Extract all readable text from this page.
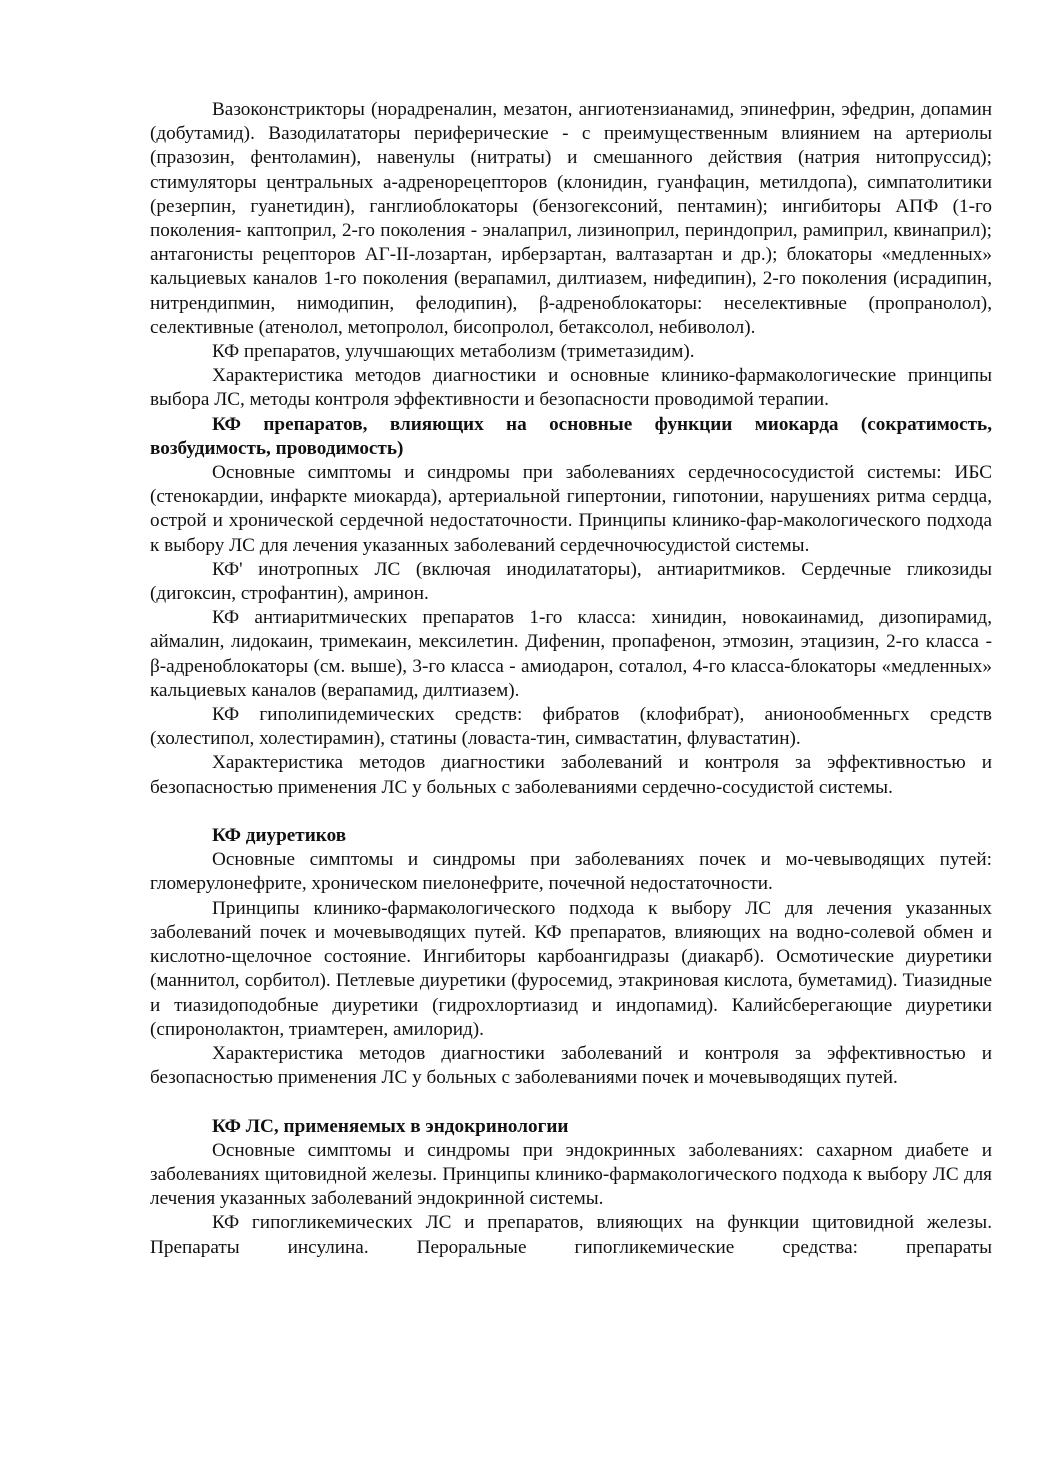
Вазоконстрикторы (норадреналин, мезатон, ангиотензианамид, эпинефрин, эфедрин, допамин (добутамид). Вазодилататоры периферические - с преимущественным влиянием на артериолы (празозин, фентоламин), навенулы (нитраты) и смешанного действия (натрия нитопруссид); стимуляторы центральных а-адренорецепторов (клонидин, гуанфацин, метилдопа), симпатолитики (резерпин, гуанетидин), ганглиоблокаторы (бензогексоний, пентамин); ингибиторы АПФ (1-го поколения- каптоприл, 2-го поколения - эналаприл, лизиноприл, периндоприл, рамиприл, квинаприл); антагонисты рецепторов АГ-II-лозартан, ирберзартан, валтазартан и др.); блокаторы «медленных» кальциевых каналов 1-го поколения (верапамил, дилтиазем, нифедипин), 2-го поколения (исрадипин, нитрендипмин, нимодипин, фелодипин), β-адреноблокаторы: неселективные (пропранолол), селективные (атенолол, метопролол, бисопролол, бетаксолол, небиволол).

КФ препаратов, улучшающих метаболизм (триметазидим).

Характеристика методов диагностики и основные клинико-фармакологические принципы выбора ЛС, методы контроля эффективности и безопасности проводимой терапии.

КФ препаратов, влияющих на основные функции миокарда (сократимость, возбудимость, проводимость)

Основные симптомы и синдромы при заболеваниях сердечнососудистой системы: ИБС (стенокардии, инфаркте миокарда), артериальной гипертонии, гипотонии, нарушениях ритма сердца, острой и хронической сердечной недостаточности. Принципы клинико-фар-макологического подхода к выбору ЛС для лечения указанных заболеваний сердечночюсудистой системы.

КФ' инотропных ЛС (включая инодилататоры), антиаритмиков. Сердечные гликозиды (дигоксин, строфантин), амринон.

КФ антиаритмических препаратов 1-го класса: хинидин, новокаинамид, дизопирамид, аймалин, лидокаин, тримекаин, мексилетин. Дифенин, пропафенон, этмозин, этацизин, 2-го класса - β-адреноблокаторы (см. выше), 3-го класса - амиодарон, соталол, 4-го класса-блокаторы «медленных» кальциевых каналов (верапамид, дилтиазем).

КФ гиполипидемических средств: фибратов (клофибрат), анионообменньгх средств (холестипол, холестирамин), статины (ловаста-тин, симвастатин, флувастатин).

Характеристика методов диагностики заболеваний и контроля за эффективностью и безопасностью применения ЛС у больных с заболеваниями сердечно-сосудистой системы.

КФ диуретиков

Основные симптомы и синдромы при заболеваниях почек и мо-чевыводящих путей: гломерулонефрите, хроническом пиелонефрите, почечной недостаточности.

Принципы клинико-фармакологического подхода к выбору ЛС для лечения указанных заболеваний почек и мочевыводящих путей. КФ препаратов, влияющих на водно-солевой обмен и кислотно-щелочное состояние. Ингибиторы карбоангидразы (диакарб). Осмотические диуретики (маннитол, сорбитол). Петлевые диуретики (фуросемид, этакриновая кислота, буметамид). Тиазидные и тиазидоподобные диуретики (гидрохлортиазид и индопамид). Калийсберегающие диуретики (спиронолактон, триамтерен, амилорид).

Характеристика методов диагностики заболеваний и контроля за эффективностью и безопасностью применения ЛС у больных с заболеваниями почек и мочевыводящих путей.

КФ ЛС, применяемых в эндокринологии

Основные симптомы и синдромы при эндокринных заболеваниях: сахарном диабете и заболеваниях щитовидной железы. Принципы клинико-фармакологического подхода к выбору ЛС для лечения указанных заболеваний эндокринной системы.

КФ гипогликемических ЛС и препаратов, влияющих на функции щитовидной железы. Препараты инсулина. Пероральные гипогликемические средства: препараты
